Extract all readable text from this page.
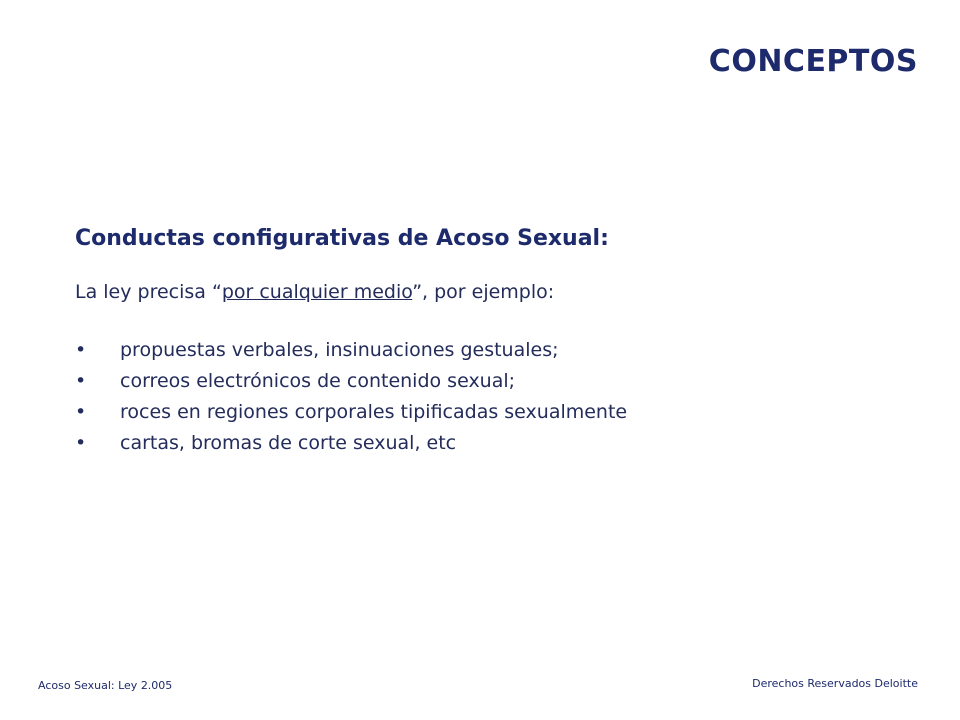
CONCEPTOS
Conductas configurativas de Acoso Sexual:

La ley precisa “por cualquier medio”, por ejemplo:

• propuestas verbales, insinuaciones gestuales;
• correos electrónicos de contenido sexual;
• roces en regiones corporales tipificadas sexualmente
• cartas, bromas de corte sexual, etc
Acoso Sexual: Ley 2.005	Derechos Reservados Deloitte
